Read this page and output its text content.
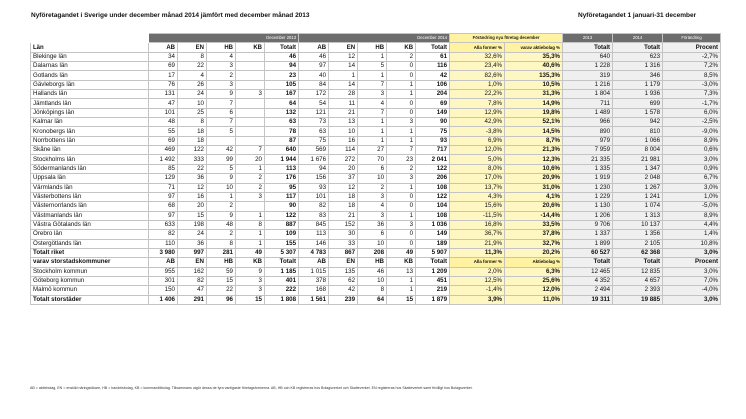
Nyföretagandet i Sverige under december månad 2014 jämfört med december månad 2013	Nyföretagandet 1 januari-31 december
	December 2013					December 2014					Förändring nya företag december		2013	2014	Förändring
Län	AB	EN	HB	KB	Totalt	AB	EN	HB	KB	Totalt	Alla former %	varav aktiebolag %	Totalt	Totalt	Procent
Blekinge län	34	8	4		46	46	12	1	2	61	32,6%	35,3%	640	623	-2,7%
Dalarnas län	69	22	3		94	97	14	5	0	116	23,4%	40,6%	1 228	1 316	7,2%
Gotlands län	17	4	2		23	40	1	1	0	42	82,6%	135,3%	319	346	8,5%
Gävleborgs län	76	26	3		105	84	14	7	1	106	1,0%	10,5%	1 216	1 179	-3,0%
Hallands län	131	24	9	3	167	172	28	3	1	204	22,2%	31,3%	1 804	1 936	7,3%
Jämtlands län	47	10	7		64	54	11	4	0	69	7,8%	14,9%	711	699	-1,7%
Jönköpings län	101	25	6		132	121	21	7	0	149	12,9%	19,8%	1 489	1 578	6,0%
Kalmar län	48	8	7		63	73	13	1	3	90	42,9%	52,1%	966	942	-2,5%
Kronobergs län	55	18	5		78	63	10	1	1	75	-3,8%	14,5%	890	810	-9,0%
Norrbottens län	69	18			87	75	16	1	1	93	6,9%	8,7%	979	1 066	8,9%
Skåne län	469	122	42	7	640	569	114	27	7	717	12,0%	21,3%	7 959	8 004	0,6%
Stockholms län	1 492	333	99	20	1 944	1 676	272	70	23	2 041	5,0%	12,3%	21 335	21 981	3,0%
Södermanlands län	85	22	5	1	113	94	20	6	2	122	8,0%	10,6%	1 335	1 347	0,9%
Uppsala län	129	36	9	2	176	156	37	10	3	206	17,0%	20,9%	1 919	2 048	6,7%
Värmlands län	71	12	10	2	95	93	12	2	1	108	13,7%	31,0%	1 230	1 267	3,0%
Västerbottens län	97	16	1	3	117	101	18	3	0	122	4,3%	4,1%	1 229	1 241	1,0%
Västernorrlands län	68	20	2		90	82	18	4	0	104	15,6%	20,6%	1 130	1 074	-5,0%
Västmanlands län	97	15	9	1	122	83	21	3	1	108	-11,5%	-14,4%	1 206	1 313	8,9%
Västra Götalands län	633	198	48	8	887	845	152	36	3	1 036	16,8%	33,5%	9 706	10 137	4,4%
Örebro län	82	24	2	1	109	113	30	6	0	149	36,7%	37,8%	1 337	1 356	1,4%
Östergötlands län	110	36	8	1	155	146	33	10	0	189	21,9%	32,7%	1 899	2 105	10,8%
Totalt riket	3 980	997	281	49	5 307	4 783	867	208	49	5 907	11,3%	20,2%	60 527	62 368	3,0%
varav storstadskommuner	AB	EN	HB	KB	Totalt	AB	EN	HB	KB	Totalt	Alla former %	Aktiebolag %	Totalt	Totalt	Procent
Stockholm kommun	955	162	59	9	1 185	1 015	135	46	13	1 209	2,0%	6,3%	12 465	12 835	3,0%
Göteborg kommun	301	82	15	3	401	378	62	10	1	451	12,5%	25,6%	4 352	4 657	7,0%
Malmö kommun	150	47	22	3	222	168	42	8	1	219	-1,4%	12,0%	2 494	2 393	-4,0%
Totalt storstäder	1 406	291	96	15	1 808	1 561	239	64	15	1 879	3,9%	11,0%	19 311	19 885	3,0%
AB = aktiebolag, EN = enskild näringsidkare, HB = handelsbolag, KB = kommanditbolag. Tillsammans utgör dessa de fyra vanligaste företagsformerna. AB, HB och KB registreras hos Bolagsverket och Skatteverket. EN registreras hos Skatteverket samt frivilligt hos Bolagsverket.
